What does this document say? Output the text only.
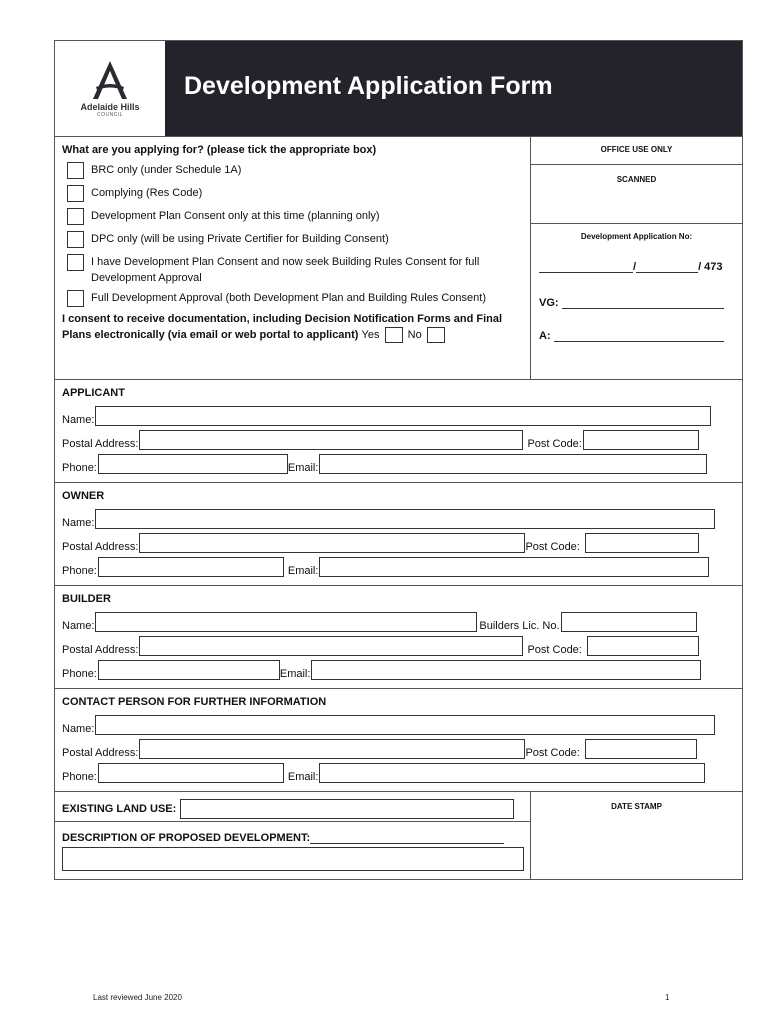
Adelaide Hills
COUNCIL
Development Application Form
What are you applying for? (please tick the appropriate box)
BRC only (under Schedule 1A)
Complying (Res Code)
Development Plan Consent only at this time (planning only)
DPC only (will be using Private Certifier for Building Consent)
I have Development Plan Consent and now seek Building Rules Consent for full Development Approval
Full Development Approval (both Development Plan and Building Rules Consent)
I consent to receive documentation, including Decision Notification Forms and Final Plans electronically (via email or web portal to applicant) Yes	No
OFFICE USE ONLY
SCANNED
Development Application No:
/	/ 473
VG:
A:
APPLICANT
Name:
Postal Address:	Post Code:
Phone:	Email:
OWNER
Name:
Postal Address:	Post Code:
Phone:	Email:
BUILDER
Name:	Builders Lic. No.
Postal Address:	Post Code:
Phone:	Email:
CONTACT PERSON FOR FURTHER INFORMATION
Name:
Postal Address:	Post Code:
Phone:	Email:
EXISTING LAND USE:
DESCRIPTION OF PROPOSED DEVELOPMENT:
DATE STAMP
Last reviewed June 2020	1
